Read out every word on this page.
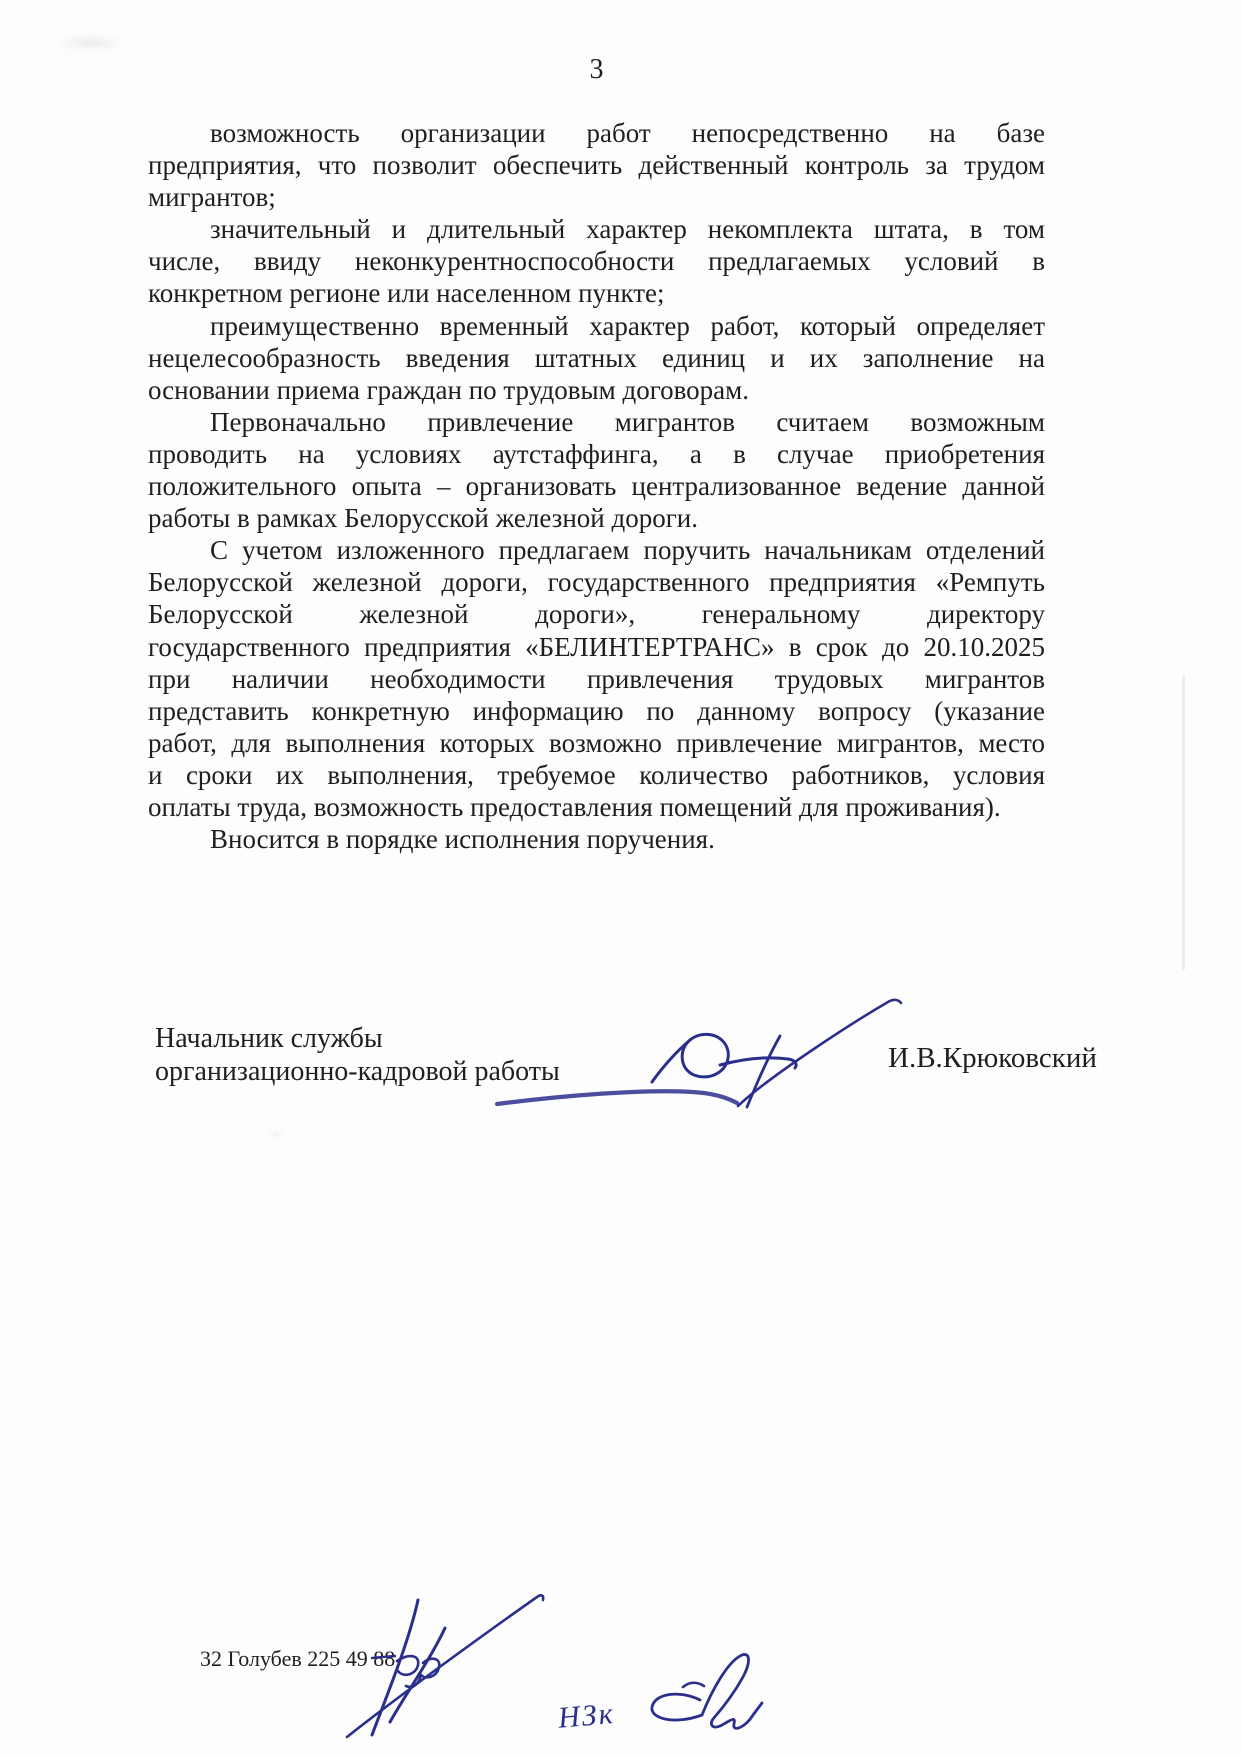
3

возможность организации работ непосредственно на базе
предприятия, что позволит обеспечить действенный контроль за трудом
мигрантов;

значительный и длительный характер некомплекта штата, в том
числе, ввиду неконкурентноспособности предлагаемых условий в
конкретном регионе или населенном пункте;

преимущественно временный характер работ, который определяет
нецелесообразность введения штатных единиц и их заполнение на
основании приема граждан по трудовым договорам.

Первоначально привлечение мигрантов считаем возможным
проводить на условиях аутстаффинга, а в случае приобретения
положительного опыта – организовать централизованное ведение данной
работы в рамках Белорусской железной дороги.

С учетом изложенного предлагаем поручить начальникам отделений
Белорусской железной дороги, государственного предприятия «Ремпуть
Белорусской железной дороги», генеральному директору
государственного предприятия «БЕЛИНТЕРТРАНС» в срок до 20.10.2025
при наличии необходимости привлечения трудовых мигрантов
представить конкретную информацию по данному вопросу (указание
работ, для выполнения которых возможно привлечение мигрантов, место
и сроки их выполнения, требуемое количество работников, условия
оплаты труда, возможность предоставления помещений для проживания).

Вносится в порядке исполнения поручения.

Начальник службы
организационно-кадровой работы	И.В.Крюковский
32 Голубев 225 49 88
НЗк
